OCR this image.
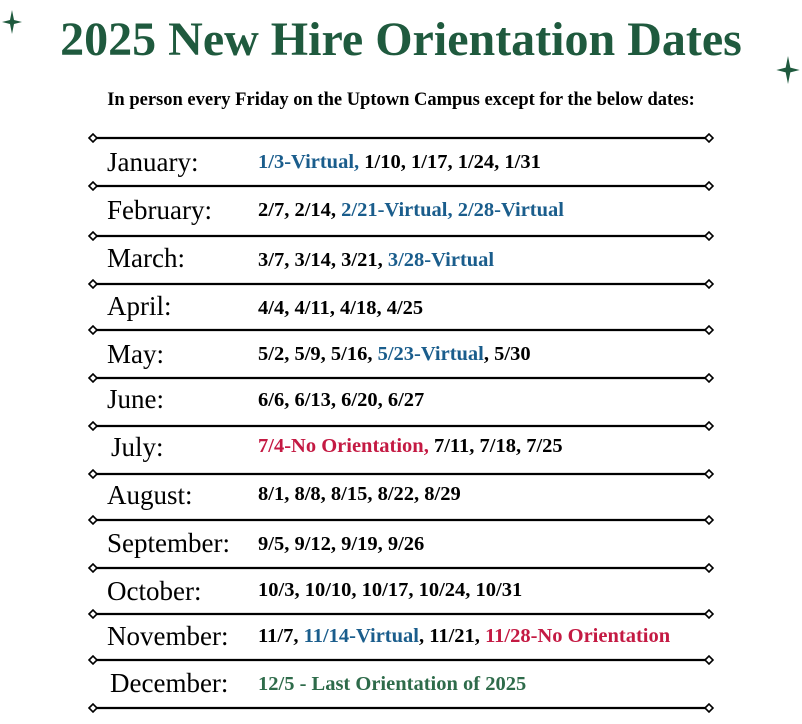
2025 New Hire Orientation Dates
In person every Friday on the Uptown Campus except for the below dates:
January:	1/3-Virtual, 1/10, 1/17, 1/24, 1/31
February: 2/7, 2/14, 2/21-Virtual, 2/28-Virtual
March:	3/7, 3/14, 3/21, 3/28-Virtual
April:	4/4, 4/11, 4/18, 4/25
May:	5/2, 5/9, 5/16, 5/23-Virtual, 5/30
June:	6/6, 6/13, 6/20, 6/27
July:	7/4-No Orientation, 7/11, 7/18, 7/25
August:	8/1, 8/8, 8/15, 8/22, 8/29
September: 9/5, 9/12, 9/19, 9/26
October:	10/3, 10/10, 10/17, 10/24, 10/31
November: 11/7, 11/14-Virtual, 11/21, 11/28-No Orientation
December: 12/5 - Last Orientation of 2025
